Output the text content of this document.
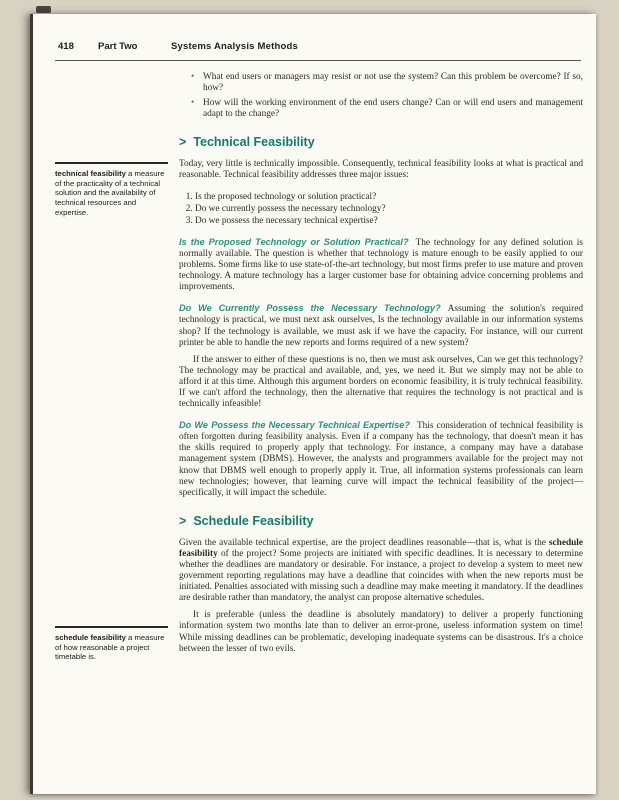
418	Part Two	Systems Analysis Methods
technical feasibility a measure of the practicality of a technical solution and the availability of technical resources and expertise.
schedule feasibility a measure of how reasonable a project timetable is.
• What end users or managers may resist or not use the system? Can this problem be overcome? If so, how?
• How will the working environment of the end users change? Can or will end users and management adapt to the change?
> Technical Feasibility

Today, very little is technically impossible. Consequently, technical feasibility looks at what is practical and reasonable. Technical feasibility addresses three major issues:

1. Is the proposed technology or solution practical?
2. Do we currently possess the necessary technology?
3. Do we possess the necessary technical expertise?

Is the Proposed Technology or Solution Practical? The technology for any defined solution is normally available. The question is whether that technology is mature enough to be easily applied to our problems. Some firms like to use state-of-the-art technology, but most firms prefer to use mature and proven technology. A mature technology has a larger customer base for obtaining advice concerning problems and improvements.

Do We Currently Possess the Necessary Technology? Assuming the solution's required technology is practical, we must next ask ourselves, Is the technology available in our information systems shop? If the technology is available, we must ask if we have the capacity. For instance, will our current printer be able to handle the new reports and forms required of a new system?

If the answer to either of these questions is no, then we must ask ourselves, Can we get this technology? The technology may be practical and available, and, yes, we need it. But we simply may not be able to afford it at this time. Although this argument borders on economic feasibility, it is truly technical feasibility. If we can't afford the technology, then the alternative that requires the technology is not practical and is technically infeasible!

Do We Possess the Necessary Technical Expertise? This consideration of technical feasibility is often forgotten during feasibility analysis. Even if a company has the technology, that doesn't mean it has the skills required to properly apply that technology. For instance, a company may have a database management system (DBMS). However, the analysts and programmers available for the project may not know that DBMS well enough to properly apply it. True, all information systems professionals can learn new technologies; however, that learning curve will impact the technical feasibility of the project—specifically, it will impact the schedule.

> Schedule Feasibility

Given the available technical expertise, are the project deadlines reasonable—that is, what is the schedule feasibility of the project? Some projects are initiated with specific deadlines. It is necessary to determine whether the deadlines are mandatory or desirable. For instance, a project to develop a system to meet new government reporting regulations may have a deadline that coincides with when the new reports must be initiated. Penalties associated with missing such a deadline may make meeting it mandatory. If the deadlines are desirable rather than mandatory, the analyst can propose alternative schedules.

It is preferable (unless the deadline is absolutely mandatory) to deliver a properly functioning information system two months late than to deliver an error-prone, useless information system on time! While missing deadlines can be problematic, developing inadequate systems can be disastrous. It's a choice between the lesser of two evils.
